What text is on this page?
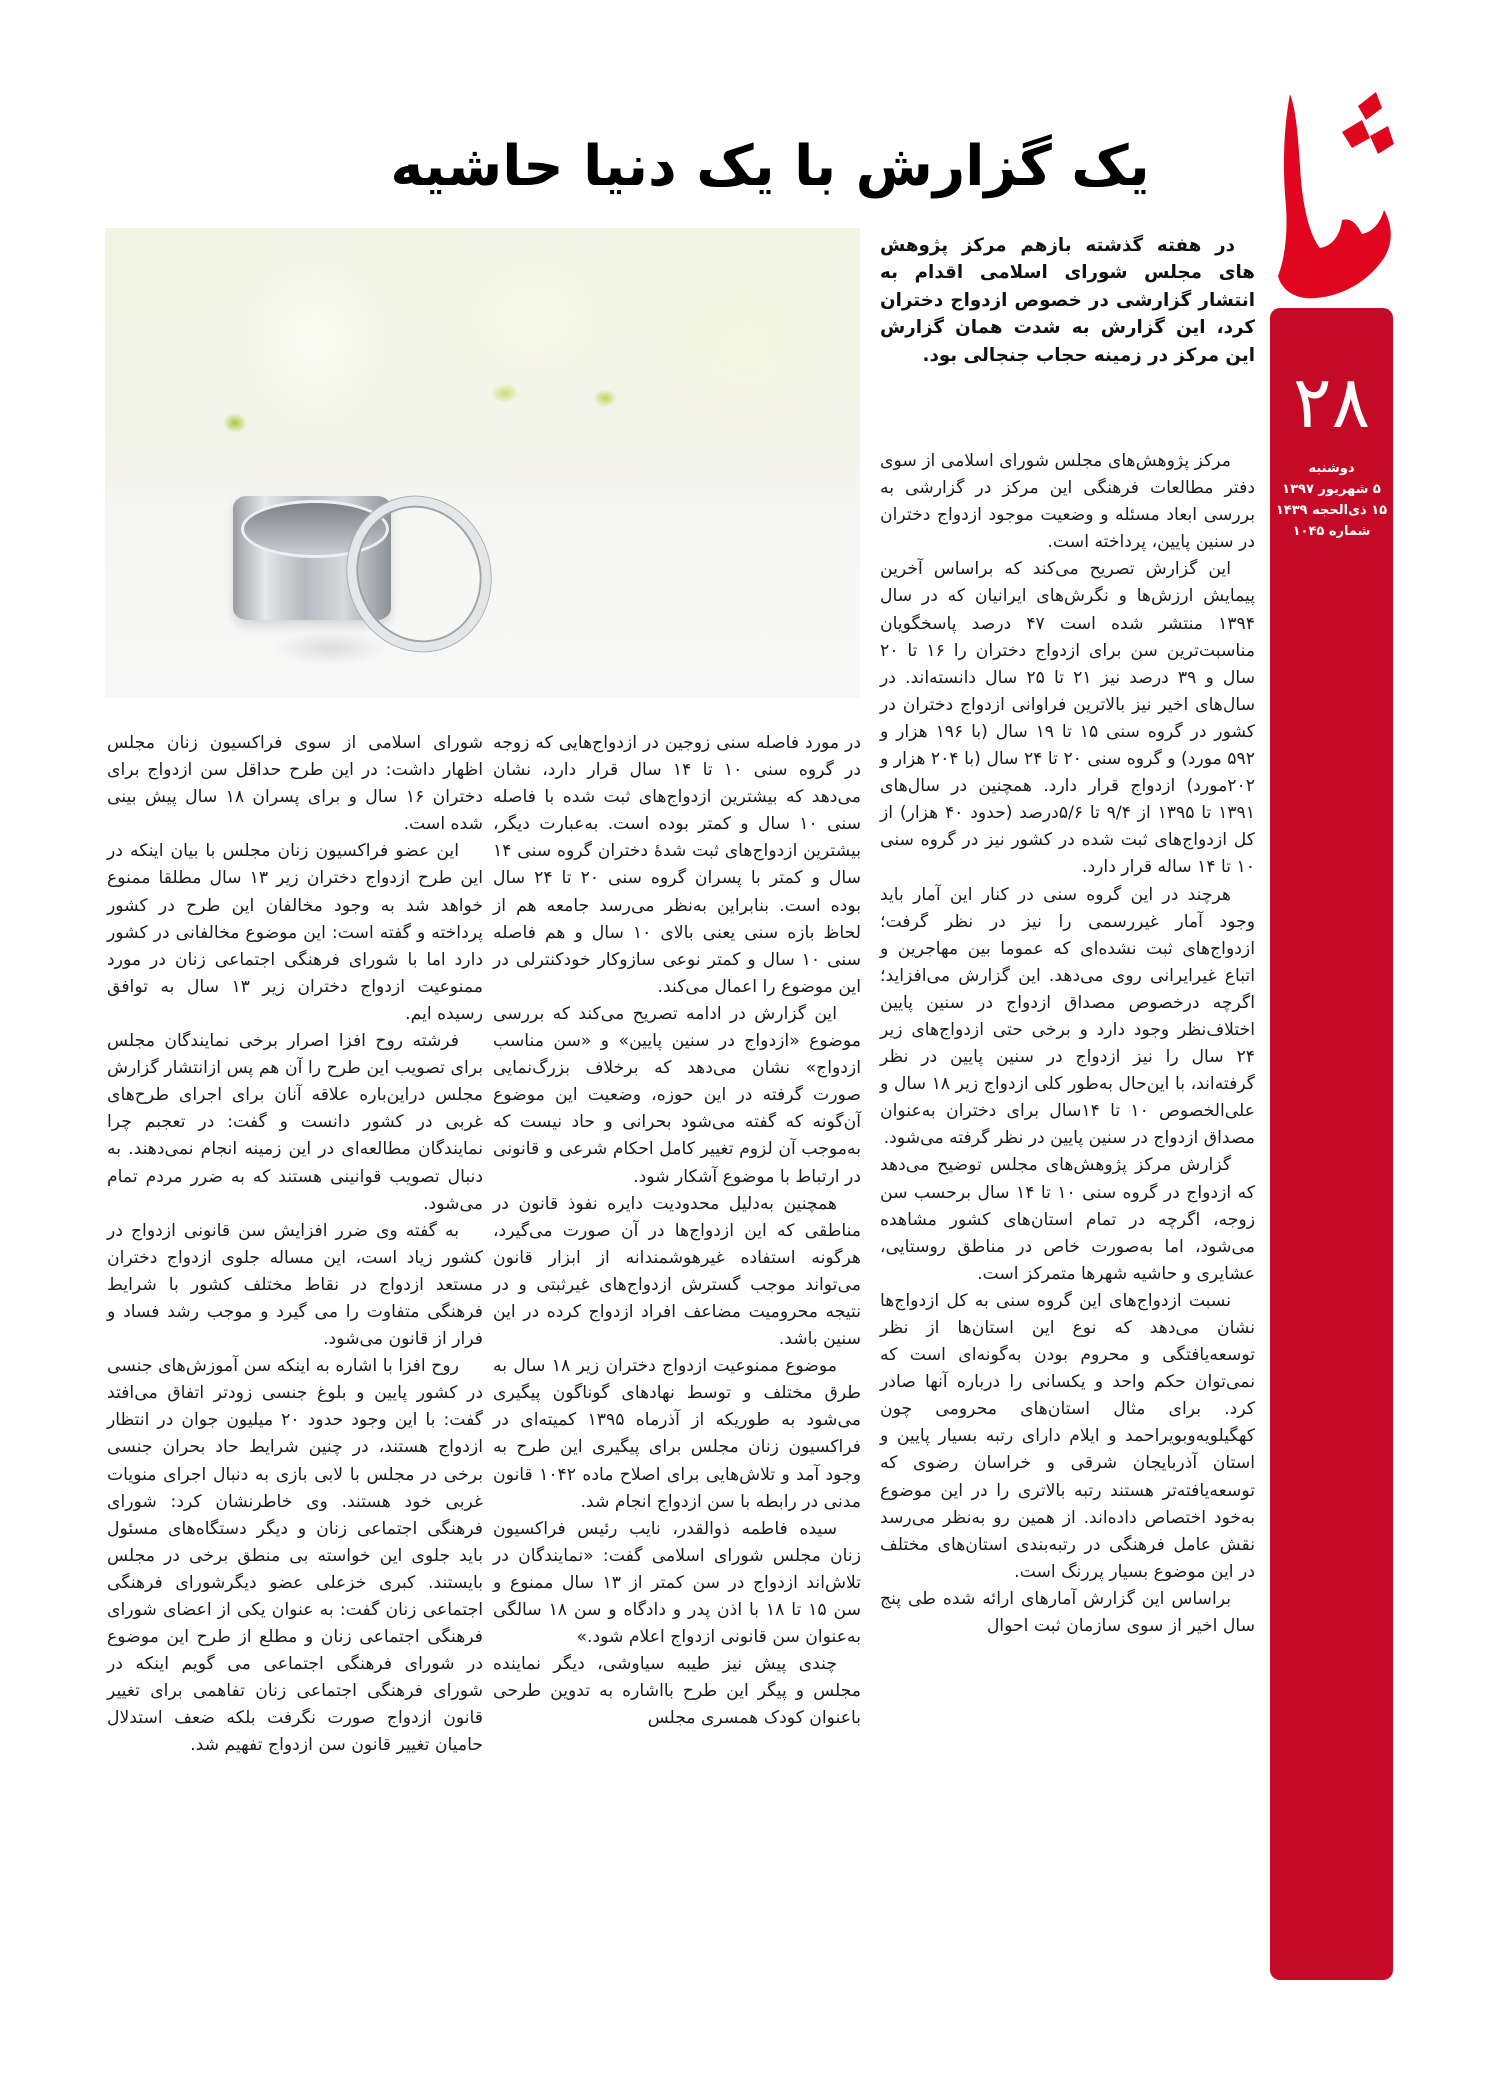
۲۸
دوشنبه
۵ شهریور ۱۳۹۷
۱۵ ذی‌الحجه ۱۴۳۹
شماره ۱۰۴۵
یک گزارش با یک دنیا حاشیه

در هفته گذشته بازهم مرکز پژوهش های مجلس شورای اسلامی اقدام به انتشار گزارشی در خصوص ازدواج دختران کرد، این گزارش به شدت همان گزارش این مرکز در زمینه حجاب جنجالی بود.

مرکز پژوهش‌های مجلس شورای اسلامی از سوی دفتر مطالعات فرهنگی این مرکز در گزارشی به بررسی ابعاد مسئله و وضعیت موجود ازدواج دختران در سنین پایین، پرداخته است.

این گزارش تصریح می‌کند که براساس آخرین پیمایش ارزش‌ها و نگرش‌های ایرانیان که در سال ۱۳۹۴ منتشر شده است ۴۷ درصد پاسخگویان مناسبت‌ترین سن برای ازدواج دختران را ۱۶ تا ۲۰ سال و ۳۹ درصد نیز ۲۱ تا ۲۵ سال دانسته‌اند. در سال‌های اخیر نیز بالاترین فراوانی ازدواج دختران در کشور در گروه سنی ۱۵ تا ۱۹ سال (با ۱۹۶ هزار و ۵۹۲ مورد) و گروه سنی ۲۰ تا ۲۴ سال (با ۲۰۴ هزار و ۲۰۲مورد) ازدواج قرار دارد. همچنین در سال‌های ۱۳۹۱ تا ۱۳۹۵ از ۹/۴ تا ۵/۶درصد (حدود ۴۰ هزار) از کل ازدواج‌های ثبت شده در کشور نیز در گروه سنی ۱۰ تا ۱۴ ساله قرار دارد.

هرچند در این گروه سنی در کنار این آمار باید وجود آمار غیررسمی را نیز در نظر گرفت؛ ازدواج‌های ثبت نشده‌ای که عموما بین مهاجرین و اتباع غیرایرانی روی می‌دهد. این گزارش می‌افزاید؛ اگرچه درخصوص مصداق ازدواج در سنین پایین اختلاف‌نظر وجود دارد و برخی حتی ازدواج‌های زیر ۲۴ سال را نیز ازدواج در سنین پایین در نظر گرفته‌اند، با این‌حال به‌طور کلی ازدواج زیر ۱۸ سال و علی‌الخصوص ۱۰ تا ۱۴سال برای دختران به‌عنوان مصداق ازدواج در سنین پایین در نظر گرفته می‌شود.

گزارش مرکز پژوهش‌های مجلس توضیح می‌دهد که ازدواج در گروه سنی ۱۰ تا ۱۴ سال برحسب سن زوجه، اگرچه در تمام استان‌های کشور مشاهده می‌شود، اما به‌صورت خاص در مناطق روستایی، عشایری و حاشیه شهرها متمرکز است.

نسبت ازدواج‌های این گروه سنی به کل ازدواج‌ها نشان می‌دهد که نوع این استان‌ها از نظر توسعه‌یافتگی و محروم بودن به‌گونه‌ای است که نمی‌توان حکم واحد و یکسانی را درباره آنها صادر کرد. برای مثال استان‌های محرومی چون کهگیلویه‌وبویراحمد و ایلام دارای رتبه بسیار پایین و استان آذربایجان شرقی و خراسان رضوی که توسعه‌یافته‌تر هستند رتبه بالاتری را در این موضوع به‌خود اختصاص داده‌اند. از همین رو به‌نظر می‌رسد نقش عامل فرهنگی در رتبه‌بندی استان‌های مختلف در این موضوع بسیار پررنگ است.

براساس این گزارش آمارهای ارائه شده طی پنج سال اخیر از سوی سازمان ثبت احوال

در مورد فاصله سنی زوجین در ازدواج‌هایی که زوجه در گروه سنی ۱۰ تا ۱۴ سال قرار دارد، نشان می‌دهد که بیشترین ازدواج‌های ثبت شده با فاصله سنی ۱۰ سال و کمتر بوده است. به‌عبارت دیگر، بیشترین ازدواج‌های ثبت شدهٔ دختران گروه سنی ۱۴ سال و کمتر با پسران گروه سنی ۲۰ تا ۲۴ سال بوده است. بنابراین به‌نظر می‌رسد جامعه هم از لحاظ بازه سنی یعنی بالای ۱۰ سال و هم فاصله سنی ۱۰ سال و کمتر نوعی سازوکار خودکنترلی در این موضوع را اعمال می‌کند.

این گزارش در ادامه تصریح می‌کند که بررسی موضوع «ازدواج در سنین پایین» و «سن مناسب ازدواج» نشان می‌دهد که برخلاف بزرگ‌نمایی صورت گرفته در این حوزه، وضعیت این موضوع آن‌گونه که گفته می‌شود بحرانی و حاد نیست که به‌موجب آن لزوم تغییر کامل احکام شرعی و قانونی در ارتباط با موضوع آشکار شود.

همچنین به‌دلیل محدودیت دایره نفوذ قانون در مناطقی که این ازدواج‌ها در آن صورت می‌گیرد، هرگونه استفاده غیرهوشمندانه از ابزار قانون می‌تواند موجب گسترش ازدواج‌های غیرثبتی و در نتیجه محرومیت مضاعف افراد ازدواج کرده در این سنین باشد.

موضوع ممنوعیت ازدواج دختران زیر ۱۸ سال به طرق مختلف و توسط نهادهای گوناگون پیگیری می‌شود به طوریکه از آذرماه ۱۳۹۵ کمیته‌ای در فراکسیون زنان مجلس برای پیگیری این طرح به وجود آمد و تلاش‌هایی برای اصلاح ماده ۱۰۴۲ قانون مدنی در رابطه با سن ازدواج انجام شد.

سیده فاطمه ذوالقدر، نایب رئیس فراکسیون زنان مجلس شورای اسلامی گفت: «نمایندگان در تلاش‌اند ازدواج در سن کمتر از ۱۳ سال ممنوع و سن ۱۵ تا ۱۸ با اذن پدر و دادگاه و سن ۱۸ سالگی به‌عنوان سن قانونی ازدواج اعلام شود.»

چندی پیش نیز طیبه سیاوشی، دیگر نماینده مجلس و پیگر این طرح بااشاره به تدوین طرحی باعنوان کودک همسری مجلس

شورای اسلامی از سوی فراکسیون زنان مجلس اظهار داشت: در این طرح حداقل سن ازدواج برای دختران ۱۶ سال و برای پسران ۱۸ سال پیش بینی شده است.

این عضو فراکسیون زنان مجلس با بیان اینکه در این طرح ازدواج دختران زیر ۱۳ سال مطلقا ممنوع خواهد شد به وجود مخالفان این طرح در کشور پرداخته و گفته است: این موضوع مخالفانی در کشور دارد اما با شورای فرهنگی اجتماعی زنان در مورد ممنوعیت ازدواج دختران زیر ۱۳ سال به توافق رسیده ایم.

فرشته روح افزا اصرار برخی نمایندگان مجلس برای تصویب این طرح را آن هم پس ازانتشار گزارش مجلس دراین‌باره علاقه آنان برای اجرای طرح‌های غربی در کشور دانست و گفت: در تعجبم چرا نمایندگان مطالعه‌ای در این زمینه انجام نمی‌دهند. به دنبال تصویب قوانینی هستند که به ضرر مردم تمام می‌شود.

به گفته وی ضرر افزایش سن قانونی ازدواج در کشور زیاد است، این مساله جلوی ازدواج دختران مستعد ازدواج در نقاط مختلف کشور با شرایط فرهنگی متفاوت را می گیرد و موجب رشد فساد و فرار از قانون می‌شود.

روح افزا با اشاره به اینکه سن آموزش‌های جنسی در کشور پایین و بلوغ جنسی زودتر اتفاق می‌افتد گفت: با این وجود حدود ۲۰ میلیون جوان در انتظار ازدواج هستند، در چنین شرایط حاد بحران جنسی برخی در مجلس با لابی بازی به دنبال اجرای منویات غربی خود هستند. وی خاطرنشان کرد: شورای فرهنگی اجتماعی زنان و دیگر دستگاه‌های مسئول باید جلوی این خواسته بی منطق برخی در مجلس بایستند. کبری خزعلی عضو دیگرشورای فرهنگی اجتماعی زنان گفت: به عنوان یکی از اعضای شورای فرهنگی اجتماعی زنان و مطلع از طرح این موضوع در شورای فرهنگی اجتماعی می گویم اینکه در شورای فرهنگی اجتماعی زنان تفاهمی برای تغییر قانون ازدواج صورت نگرفت بلکه ضعف استدلال حامیان تغییر قانون سن ازدواج تفهیم شد.
